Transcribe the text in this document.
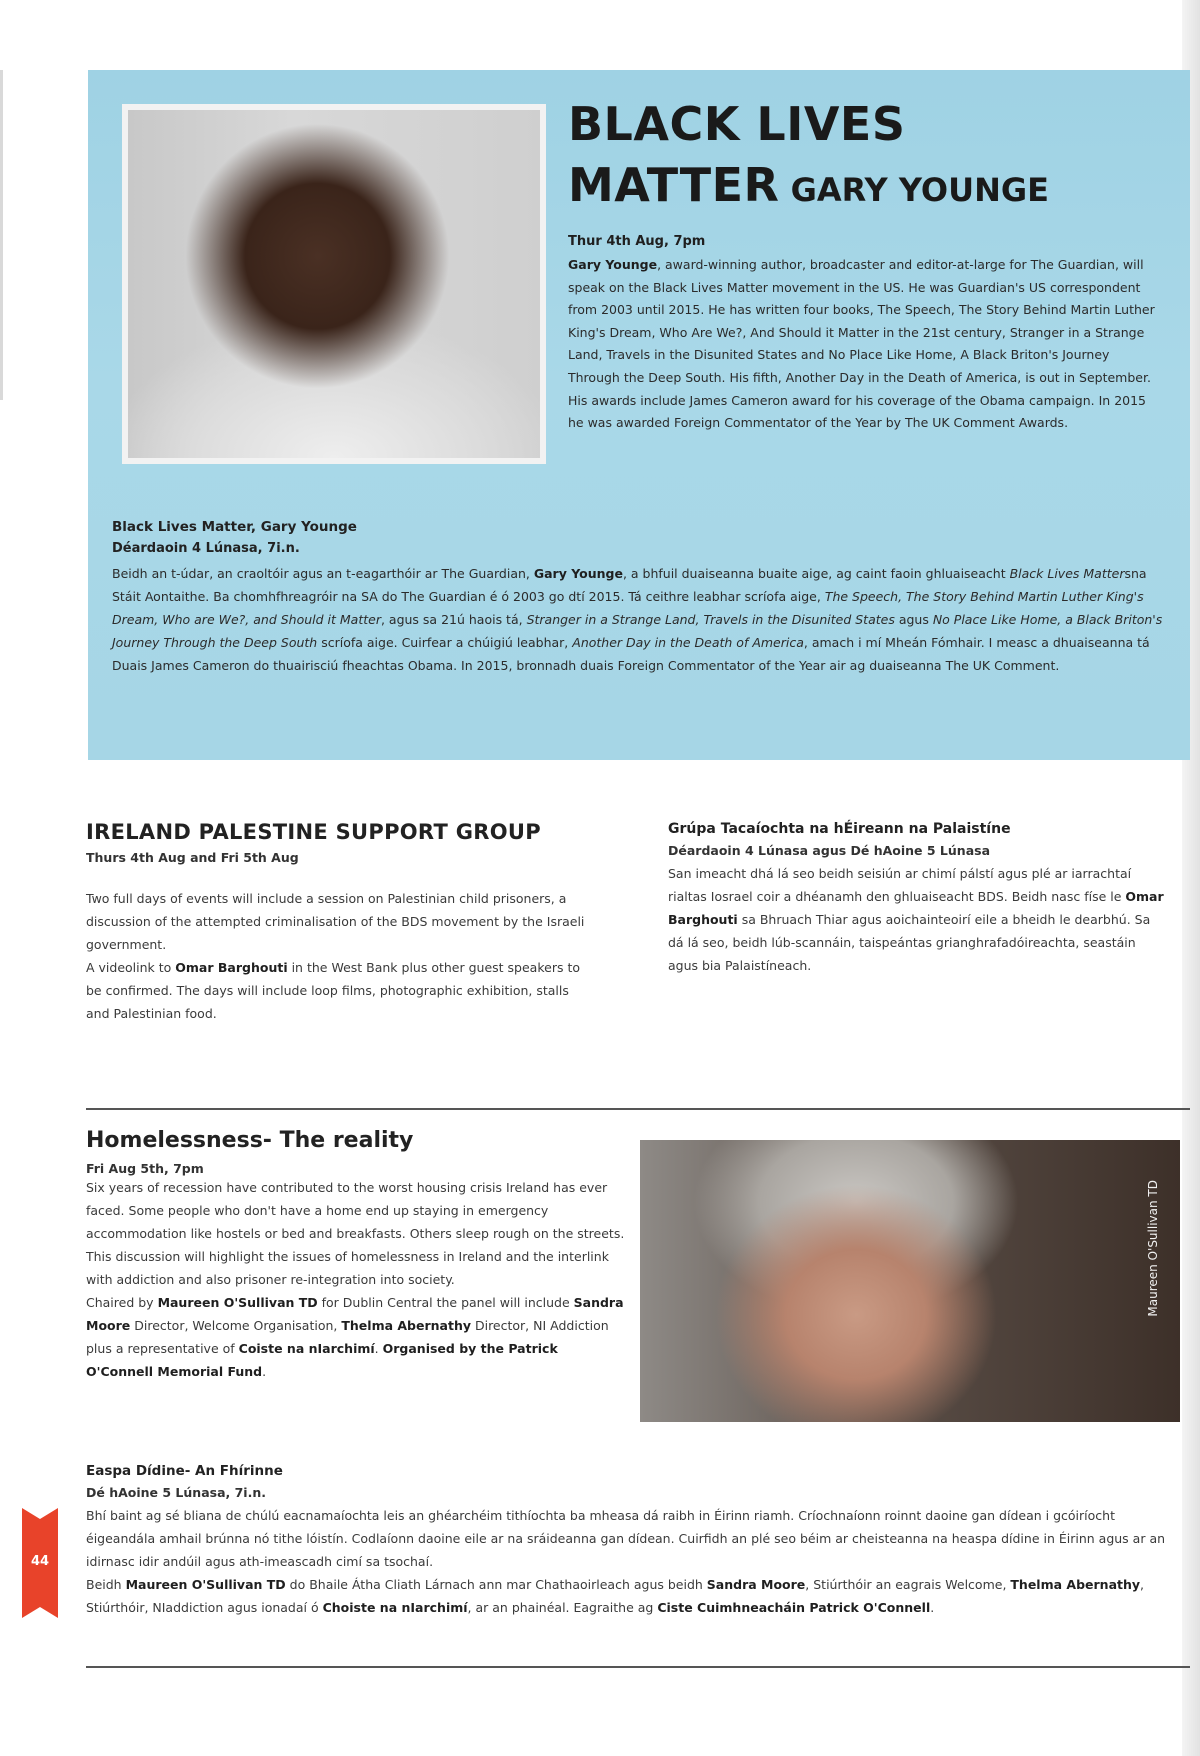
BLACK LIVES
MATTER GARY YOUNGE
Thur 4th Aug, 7pm

Gary Younge, award-winning author, broadcaster and editor-at-large for The Guardian, will speak on the Black Lives Matter movement in the US. He was Guardian's US correspondent from 2003 until 2015. He has written four books, The Speech, The Story Behind Martin Luther King's Dream, Who Are We?, And Should it Matter in the 21st century, Stranger in a Strange Land, Travels in the Disunited States and No Place Like Home, A Black Briton's Journey Through the Deep South. His fifth, Another Day in the Death of America, is out in September. His awards include James Cameron award for his coverage of the Obama campaign. In 2015 he was awarded Foreign Commentator of the Year by The UK Comment Awards.

Black Lives Matter, Gary Younge
Déardaoin 4 Lúnasa, 7i.n.

Beidh an t-údar, an craoltóir agus an t-eagarthóir ar The Guardian, Gary Younge, a bhfuil duaiseanna buaite aige, ag caint faoin ghluaiseacht Black Lives Mattersna Stáit Aontaithe. Ba chomhfhreagróir na SA do The Guardian é ó 2003 go dtí 2015. Tá ceithre leabhar scríofa aige, The Speech, The Story Behind Martin Luther King's Dream, Who are We?, and Should it Matter, agus sa 21ú haois tá, Stranger in a Strange Land, Travels in the Disunited States agus No Place Like Home, a Black Briton's Journey Through the Deep South scríofa aige. Cuirfear a chúigiú leabhar, Another Day in the Death of America, amach i mí Mheán Fómhair. I measc a dhuaiseanna tá Duais James Cameron do thuairisciú fheachtas Obama. In 2015, bronnadh duais Foreign Commentator of the Year air ag duaiseanna The UK Comment.

IRELAND PALESTINE SUPPORT GROUP
Thurs 4th Aug and Fri 5th Aug

Two full days of events will include a session on Palestinian child prisoners, a discussion of the attempted criminalisation of the BDS movement by the Israeli government.
A videolink to Omar Barghouti in the West Bank plus other guest speakers to be confirmed. The days will include loop films, photographic exhibition, stalls and Palestinian food.

Grúpa Tacaíochta na hÉireann na Palaistíne
Déardaoin 4 Lúnasa agus Dé hAoine 5 Lúnasa

San imeacht dhá lá seo beidh seisiún ar chimí pálstí agus plé ar iarrachtaí rialtas Iosrael coir a dhéanamh den ghluaiseacht BDS. Beidh nasc físe le Omar Barghouti sa Bhruach Thiar agus aoichainteoirí eile a bheidh le dearbhú. Sa dá lá seo, beidh lúb-scannáin, taispeántas grianghrafadóireachta, seastáin agus bia Palaistíneach.

Homelessness- The reality
Fri Aug 5th, 7pm

Six years of recession have contributed to the worst housing crisis Ireland has ever faced. Some people who don't have a home end up staying in emergency accommodation like hostels or bed and breakfasts. Others sleep rough on the streets. This discussion will highlight the issues of homelessness in Ireland and the interlink with addiction and also prisoner re-integration into society.
Chaired by Maureen O'Sullivan TD for Dublin Central the panel will include Sandra Moore Director, Welcome Organisation, Thelma Abernathy Director, NI Addiction plus a representative of Coiste na nIarchimí. Organised by the Patrick O'Connell Memorial Fund.

Maureen O'Sullivan TD
Easpa Dídine- An Fhírinne
Dé hAoine 5 Lúnasa, 7i.n.

Bhí baint ag sé bliana de chúlú eacnamaíochta leis an ghéarchéim tithíochta ba mheasa dá raibh in Éirinn riamh. Críochnaíonn roinnt daoine gan dídean i gcóiríocht éigeandála amhail brúnna nó tithe lóistín. Codlaíonn daoine eile ar na sráideanna gan dídean. Cuirfidh an plé seo béim ar cheisteanna na heaspa dídine in Éirinn agus ar an idirnasc idir andúil agus ath-imeascadh cimí sa tsochaí.
Beidh Maureen O'Sullivan TD do Bhaile Átha Cliath Lárnach ann mar Chathaoirleach agus beidh Sandra Moore, Stiúrthóir an eagrais Welcome, Thelma Abernathy, Stiúrthóir, NIaddiction agus ionadaí ó Choiste na nIarchimí, ar an phainéal. Eagraithe ag Ciste Cuimhneacháin Patrick O'Connell.

44
